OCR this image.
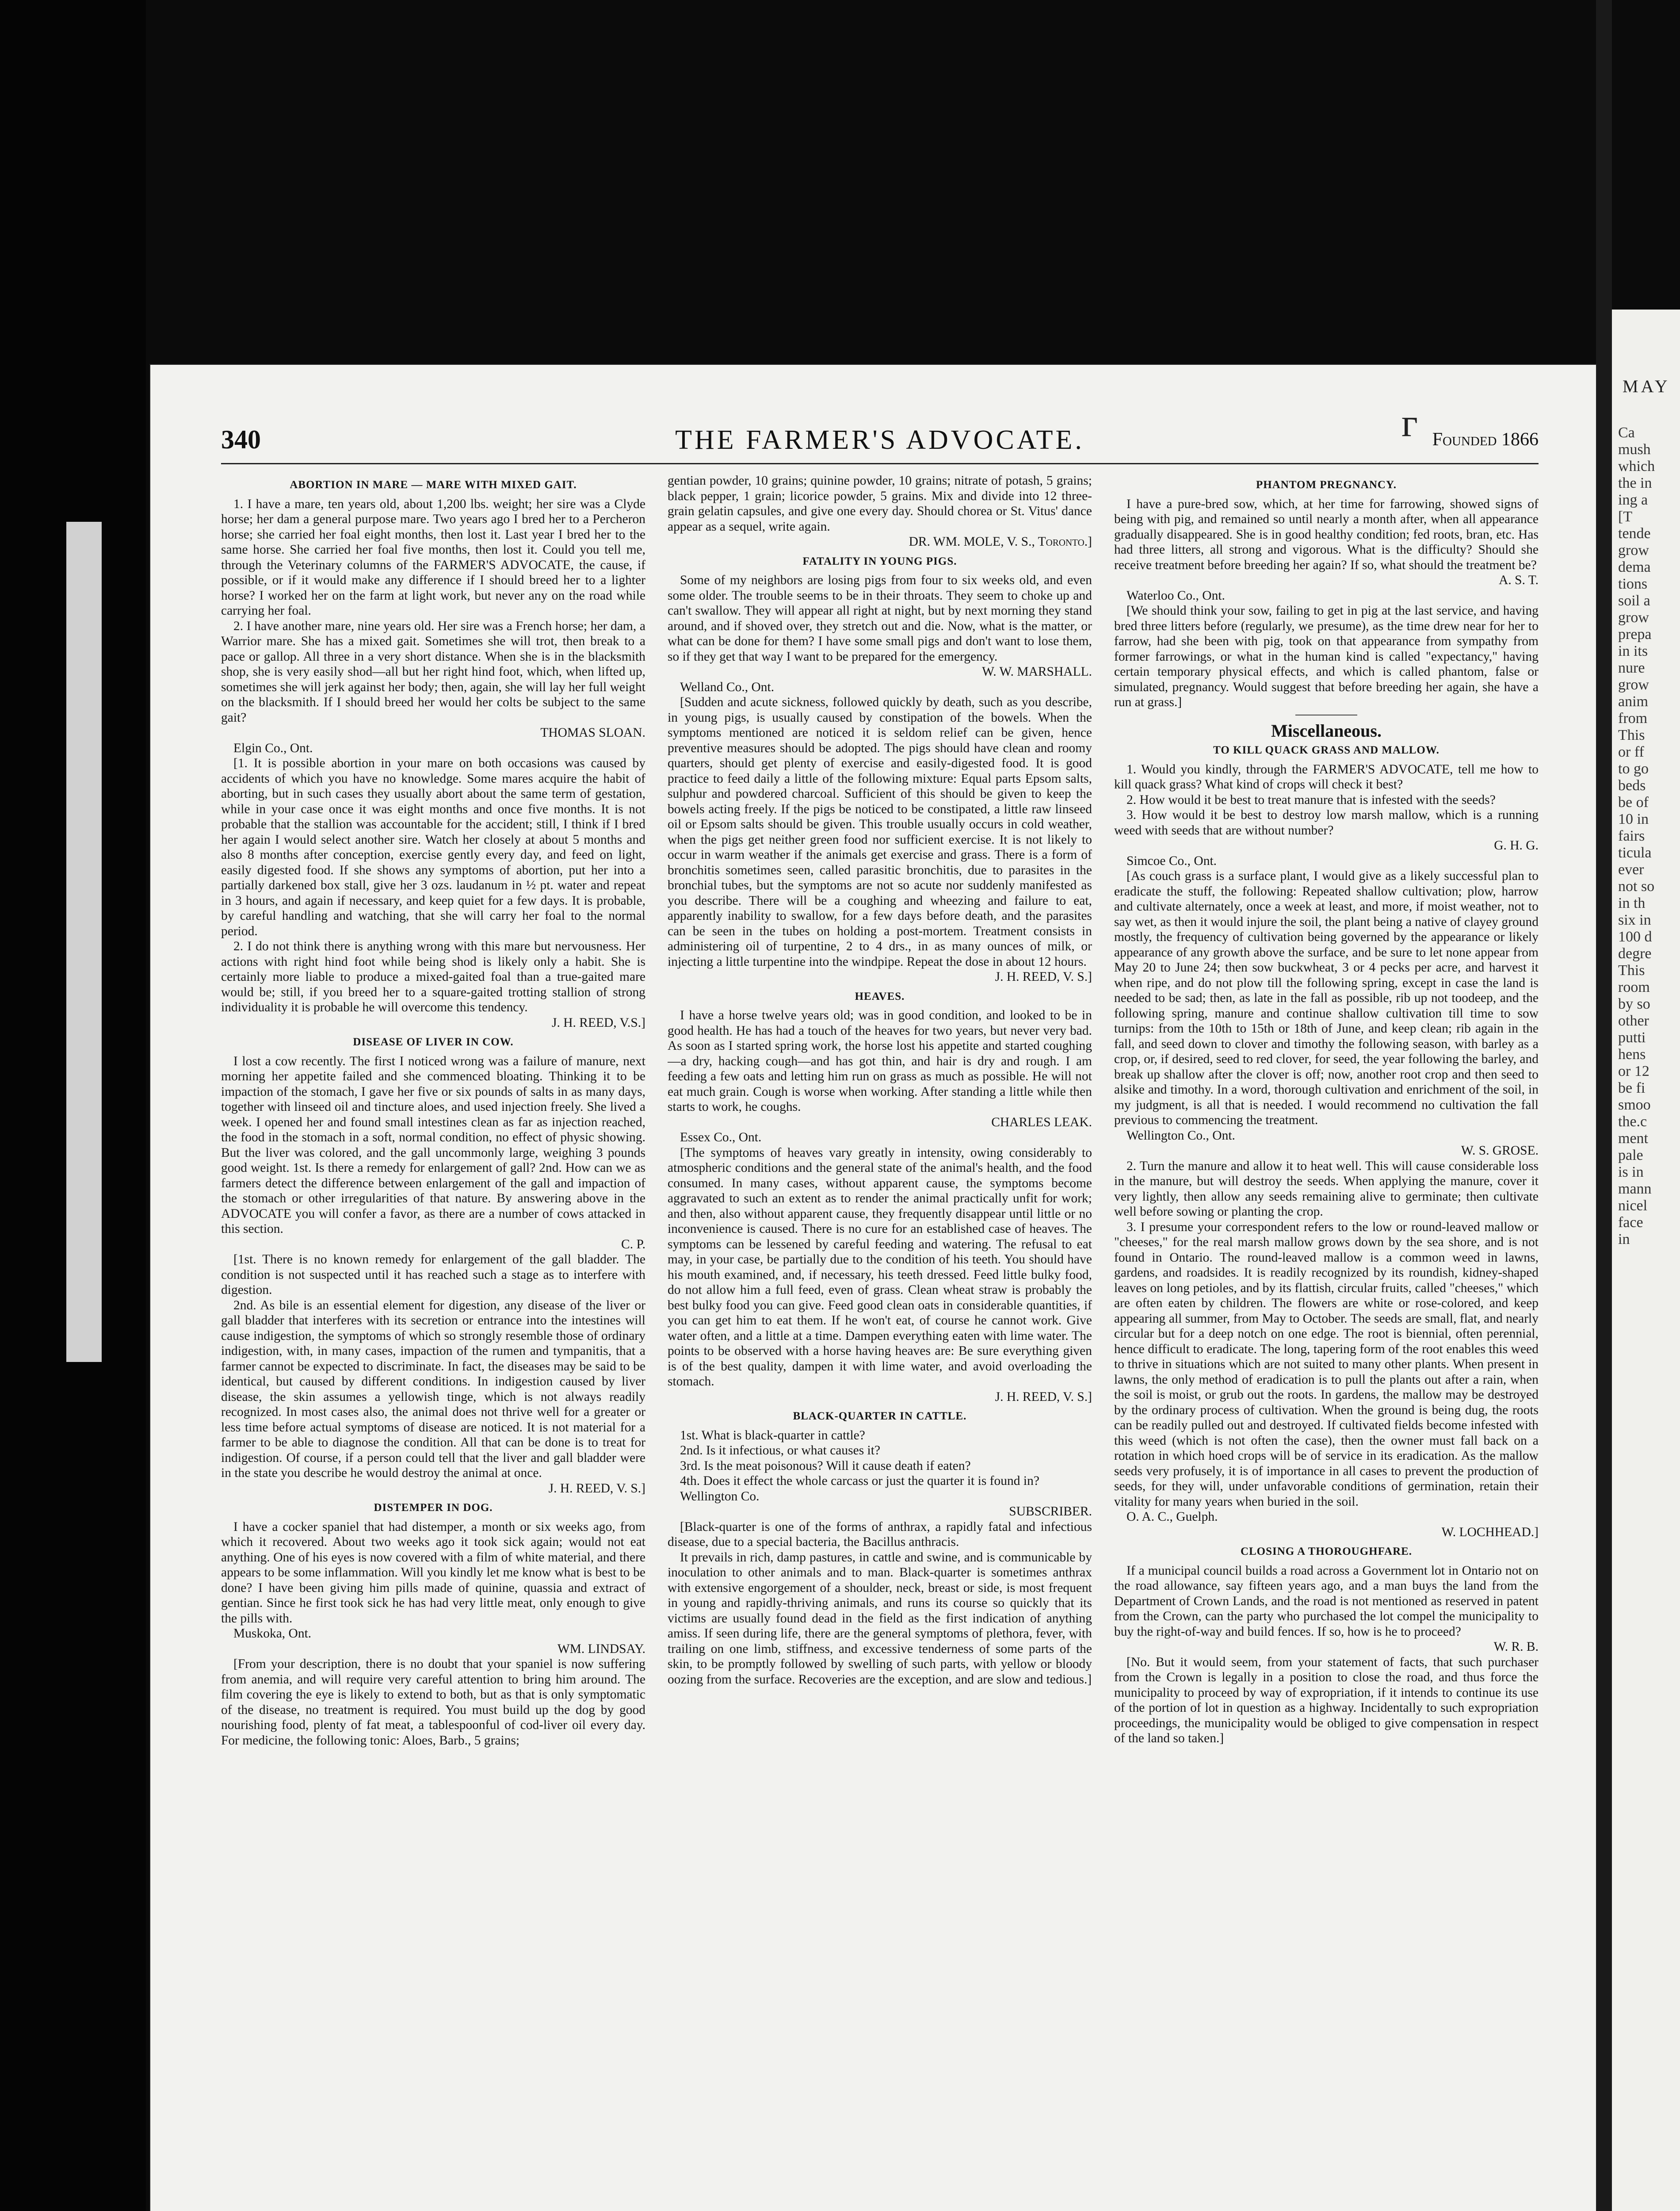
MAY
Ca
mush
which
the in
ing a
[T
tende
grow
dema
tions
soil a
grow
prepa
in its
nure
grow
anim
from
This
or ff
to go
beds
be of
10 in
fairs
ticula
ever
not so
in th
six in
100 d
degre
This
room
by so
other
putti
hens
or 12
be fi
smoo
the.c
ment
pale
is in
mann
nicel
face
in
ᴦ
340	THE FARMER'S ADVOCATE.	Founded 1866
ABORTION IN MARE — MARE WITH MIXED GAIT.

1. I have a mare, ten years old, about 1,200 lbs. weight; her sire was a Clyde horse; her dam a general purpose mare. Two years ago I bred her to a Percheron horse; she carried her foal eight months, then lost it. Last year I bred her to the same horse. She carried her foal five months, then lost it. Could you tell me, through the Veterinary columns of the FARMER'S ADVOCATE, the cause, if possible, or if it would make any difference if I should breed her to a lighter horse? I worked her on the farm at light work, but never any on the road while carrying her foal.

2. I have another mare, nine years old. Her sire was a French horse; her dam, a Warrior mare. She has a mixed gait. Sometimes she will trot, then break to a pace or gallop. All three in a very short distance. When she is in the blacksmith shop, she is very easily shod—all but her right hind foot, which, when lifted up, sometimes she will jerk against her body; then, again, she will lay her full weight on the blacksmith. If I should breed her would her colts be subject to the same gait?

THOMAS SLOAN.

Elgin Co., Ont.

[1. It is possible abortion in your mare on both occasions was caused by accidents of which you have no knowledge. Some mares acquire the habit of aborting, but in such cases they usually abort about the same term of gestation, while in your case once it was eight months and once five months. It is not probable that the stallion was accountable for the accident; still, I think if I bred her again I would select another sire. Watch her closely at about 5 months and also 8 months after conception, exercise gently every day, and feed on light, easily digested food. If she shows any symptoms of abortion, put her into a partially darkened box stall, give her 3 ozs. laudanum in ½ pt. water and repeat in 3 hours, and again if necessary, and keep quiet for a few days. It is probable, by careful handling and watching, that she will carry her foal to the normal period.

2. I do not think there is anything wrong with this mare but nervousness. Her actions with right hind foot while being shod is likely only a habit. She is certainly more liable to produce a mixed-gaited foal than a true-gaited mare would be; still, if you breed her to a square-gaited trotting stallion of strong individuality it is probable he will overcome this tendency.

J. H. REED, V.S.]

DISEASE OF LIVER IN COW.

I lost a cow recently. The first I noticed wrong was a failure of manure, next morning her appetite failed and she commenced bloating. Thinking it to be impaction of the stomach, I gave her five or six pounds of salts in as many days, together with linseed oil and tincture aloes, and used injection freely. She lived a week. I opened her and found small intestines clean as far as injection reached, the food in the stomach in a soft, normal condition, no effect of physic showing. But the liver was colored, and the gall uncommonly large, weighing 3 pounds good weight. 1st. Is there a remedy for enlargement of gall? 2nd. How can we as farmers detect the difference between enlargement of the gall and impaction of the stomach or other irregularities of that nature. By answering above in the ADVOCATE you will confer a favor, as there are a number of cows attacked in this section.

C. P.

[1st. There is no known remedy for enlargement of the gall bladder. The condition is not suspected until it has reached such a stage as to interfere with digestion.

2nd. As bile is an essential element for digestion, any disease of the liver or gall bladder that interferes with its secretion or entrance into the intestines will cause indigestion, the symptoms of which so strongly resemble those of ordinary indigestion, with, in many cases, impaction of the rumen and tympanitis, that a farmer cannot be expected to discriminate. In fact, the diseases may be said to be identical, but caused by different conditions. In indigestion caused by liver disease, the skin assumes a yellowish tinge, which is not always readily recognized. In most cases also, the animal does not thrive well for a greater or less time before actual symptoms of disease are noticed. It is not material for a farmer to be able to diagnose the condition. All that can be done is to treat for indigestion. Of course, if a person could tell that the liver and gall bladder were in the state you describe he would destroy the animal at once.

J. H. REED, V. S.]

DISTEMPER IN DOG.

I have a cocker spaniel that had distemper, a month or six weeks ago, from which it recovered. About two weeks ago it took sick again; would not eat anything. One of his eyes is now covered with a film of white material, and there appears to be some inflammation. Will you kindly let me know what is best to be done? I have been giving him pills made of quinine, quassia and extract of gentian. Since he first took sick he has had very little meat, only enough to give the pills with.

Muskoka, Ont.

WM. LINDSAY.

[From your description, there is no doubt that your spaniel is now suffering from anemia, and will require very careful attention to bring him around. The film covering the eye is likely to extend to both, but as that is only symptomatic of the disease, no treatment is required. You must build up the dog by good nourishing food, plenty of fat meat, a tablespoonful of cod-liver oil every day. For medicine, the following tonic: Aloes, Barb., 5 grains;

gentian powder, 10 grains; quinine powder, 10 grains; nitrate of potash, 5 grains; black pepper, 1 grain; licorice powder, 5 grains. Mix and divide into 12 three-grain gelatin capsules, and give one every day. Should chorea or St. Vitus' dance appear as a sequel, write again.

DR. WM. MOLE, V. S., Toronto.]

FATALITY IN YOUNG PIGS.

Some of my neighbors are losing pigs from four to six weeks old, and even some older. The trouble seems to be in their throats. They seem to choke up and can't swallow. They will appear all right at night, but by next morning they stand around, and if shoved over, they stretch out and die. Now, what is the matter, or what can be done for them? I have some small pigs and don't want to lose them, so if they get that way I want to be prepared for the emergency.

W. W. MARSHALL.

Welland Co., Ont.

[Sudden and acute sickness, followed quickly by death, such as you describe, in young pigs, is usually caused by constipation of the bowels. When the symptoms mentioned are noticed it is seldom relief can be given, hence preventive measures should be adopted. The pigs should have clean and roomy quarters, should get plenty of exercise and easily-digested food. It is good practice to feed daily a little of the following mixture: Equal parts Epsom salts, sulphur and powdered charcoal. Sufficient of this should be given to keep the bowels acting freely. If the pigs be noticed to be constipated, a little raw linseed oil or Epsom salts should be given. This trouble usually occurs in cold weather, when the pigs get neither green food nor sufficient exercise. It is not likely to occur in warm weather if the animals get exercise and grass. There is a form of bronchitis sometimes seen, called parasitic bronchitis, due to parasites in the bronchial tubes, but the symptoms are not so acute nor suddenly manifested as you describe. There will be a coughing and wheezing and failure to eat, apparently inability to swallow, for a few days before death, and the parasites can be seen in the tubes on holding a post-mortem. Treatment consists in administering oil of turpentine, 2 to 4 drs., in as many ounces of milk, or injecting a little turpentine into the windpipe. Repeat the dose in about 12 hours.

J. H. REED, V. S.]

HEAVES.

I have a horse twelve years old; was in good condition, and looked to be in good health. He has had a touch of the heaves for two years, but never very bad. As soon as I started spring work, the horse lost his appetite and started coughing—a dry, hacking cough—and has got thin, and hair is dry and rough. I am feeding a few oats and letting him run on grass as much as possible. He will not eat much grain. Cough is worse when working. After standing a little while then starts to work, he coughs.

CHARLES LEAK.

Essex Co., Ont.

[The symptoms of heaves vary greatly in intensity, owing considerably to atmospheric conditions and the general state of the animal's health, and the food consumed. In many cases, without apparent cause, the symptoms become aggravated to such an extent as to render the animal practically unfit for work; and then, also without apparent cause, they frequently disappear until little or no inconvenience is caused. There is no cure for an established case of heaves. The symptoms can be lessened by careful feeding and watering. The refusal to eat may, in your case, be partially due to the condition of his teeth. You should have his mouth examined, and, if necessary, his teeth dressed. Feed little bulky food, do not allow him a full feed, even of grass. Clean wheat straw is probably the best bulky food you can give. Feed good clean oats in considerable quantities, if you can get him to eat them. If he won't eat, of course he cannot work. Give water often, and a little at a time. Dampen everything eaten with lime water. The points to be observed with a horse having heaves are: Be sure everything given is of the best quality, dampen it with lime water, and avoid overloading the stomach.

J. H. REED, V. S.]

BLACK-QUARTER IN CATTLE.

1st. What is black-quarter in cattle?

2nd. Is it infectious, or what causes it?

3rd. Is the meat poisonous? Will it cause death if eaten?

4th. Does it effect the whole carcass or just the quarter it is found in?

Wellington Co.

SUBSCRIBER.

[Black-quarter is one of the forms of anthrax, a rapidly fatal and infectious disease, due to a special bacteria, the Bacillus anthracis.

It prevails in rich, damp pastures, in cattle and swine, and is communicable by inoculation to other animals and to man. Black-quarter is sometimes anthrax with extensive engorgement of a shoulder, neck, breast or side, is most frequent in young and rapidly-thriving animals, and runs its course so quickly that its victims are usually found dead in the field as the first indication of anything amiss. If seen during life, there are the general symptoms of plethora, fever, with trailing on one limb, stiffness, and excessive tenderness of some parts of the skin, to be promptly followed by swelling of such parts, with yellow or bloody oozing from the surface. Recoveries are the exception, and are slow and tedious.]

PHANTOM PREGNANCY.

I have a pure-bred sow, which, at her time for farrowing, showed signs of being with pig, and remained so until nearly a month after, when all appearance gradually disappeared. She is in good healthy condition; fed roots, bran, etc. Has had three litters, all strong and vigorous. What is the difficulty? Should she receive treatment before breeding her again? If so, what should the treatment be?

A. S. T.

Waterloo Co., Ont.

[We should think your sow, failing to get in pig at the last service, and having bred three litters before (regularly, we presume), as the time drew near for her to farrow, had she been with pig, took on that appearance from sympathy from former farrowings, or what in the human kind is called "expectancy," having certain temporary physical effects, and which is called phantom, false or simulated, pregnancy. Would suggest that before breeding her again, she have a run at grass.]

Miscellaneous.
TO KILL QUACK GRASS AND MALLOW.

1. Would you kindly, through the FARMER'S ADVOCATE, tell me how to kill quack grass? What kind of crops will check it best?

2. How would it be best to treat manure that is infested with the seeds?

3. How would it be best to destroy low marsh mallow, which is a running weed with seeds that are without number?

G. H. G.

Simcoe Co., Ont.

[As couch grass is a surface plant, I would give as a likely successful plan to eradicate the stuff, the following: Repeated shallow cultivation; plow, harrow and cultivate alternately, once a week at least, and more, if moist weather, not to say wet, as then it would injure the soil, the plant being a native of clayey ground mostly, the frequency of cultivation being governed by the appearance or likely appearance of any growth above the surface, and be sure to let none appear from May 20 to June 24; then sow buckwheat, 3 or 4 pecks per acre, and harvest it when ripe, and do not plow till the following spring, except in case the land is needed to be sad; then, as late in the fall as possible, rib up not toodeep, and the following spring, manure and continue shallow cultivation till time to sow turnips: from the 10th to 15th or 18th of June, and keep clean; rib again in the fall, and seed down to clover and timothy the following season, with barley as a crop, or, if desired, seed to red clover, for seed, the year following the barley, and break up shallow after the clover is off; now, another root crop and then seed to alsike and timothy. In a word, thorough cultivation and enrichment of the soil, in my judgment, is all that is needed. I would recommend no cultivation the fall previous to commencing the treatment.

Wellington Co., Ont.

W. S. GROSE.

2. Turn the manure and allow it to heat well. This will cause considerable loss in the manure, but will destroy the seeds. When applying the manure, cover it very lightly, then allow any seeds remaining alive to germinate; then cultivate well before sowing or planting the crop.

3. I presume your correspondent refers to the low or round-leaved mallow or "cheeses," for the real marsh mallow grows down by the sea shore, and is not found in Ontario. The round-leaved mallow is a common weed in lawns, gardens, and roadsides. It is readily recognized by its roundish, kidney-shaped leaves on long petioles, and by its flattish, circular fruits, called "cheeses," which are often eaten by children. The flowers are white or rose-colored, and keep appearing all summer, from May to October. The seeds are small, flat, and nearly circular but for a deep notch on one edge. The root is biennial, often perennial, hence difficult to eradicate. The long, tapering form of the root enables this weed to thrive in situations which are not suited to many other plants. When present in lawns, the only method of eradication is to pull the plants out after a rain, when the soil is moist, or grub out the roots. In gardens, the mallow may be destroyed by the ordinary process of cultivation. When the ground is being dug, the roots can be readily pulled out and destroyed. If cultivated fields become infested with this weed (which is not often the case), then the owner must fall back on a rotation in which hoed crops will be of service in its eradication. As the mallow seeds very profusely, it is of importance in all cases to prevent the production of seeds, for they will, under unfavorable conditions of germination, retain their vitality for many years when buried in the soil.

O. A. C., Guelph.

W. LOCHHEAD.]

CLOSING A THOROUGHFARE.

If a municipal council builds a road across a Government lot in Ontario not on the road allowance, say fifteen years ago, and a man buys the land from the Department of Crown Lands, and the road is not mentioned as reserved in patent from the Crown, can the party who purchased the lot compel the municipality to buy the right-of-way and build fences. If so, how is he to proceed?

W. R. B.

[No. But it would seem, from your statement of facts, that such purchaser from the Crown is legally in a position to close the road, and thus force the municipality to proceed by way of expropriation, if it intends to continue its use of the portion of lot in question as a highway. Incidentally to such expropriation proceedings, the municipality would be obliged to give compensation in respect of the land so taken.]
